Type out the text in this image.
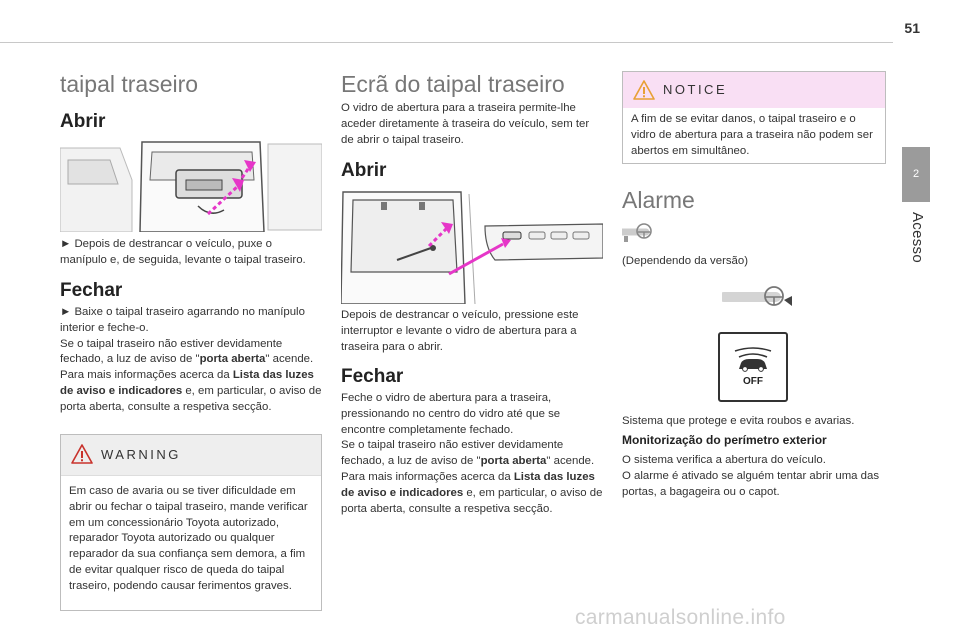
51
2
Acesso
taipal traseiro
Abrir
► Depois de destrancar o veículo, puxe o manípulo e, de seguida, levante o taipal traseiro.
Fechar
► Baixe o taipal traseiro agarrando no manípulo interior e feche-o.
Se o taipal traseiro não estiver devidamente fechado, a luz de aviso de "porta aberta" acende. Para mais informações acerca da Lista das luzes de aviso e indicadores e, em particular, o aviso de porta aberta, consulte a respetiva secção.
WARNING
Em caso de avaria ou se tiver dificuldade em abrir ou fechar o taipal traseiro, mande verificar em um concessionário Toyota autorizado, reparador Toyota autorizado ou qualquer reparador da sua confiança sem demora, a fim de evitar qualquer risco de queda do taipal traseiro, podendo causar ferimentos graves.
Ecrã do taipal traseiro
O vidro de abertura para a traseira permite-lhe aceder diretamente à traseira do veículo, sem ter de abrir o taipal traseiro.
Abrir
Depois de destrancar o veículo, pressione este interruptor e levante o vidro de abertura para a traseira para o abrir.
Fechar
Feche o vidro de abertura para a traseira, pressionando no centro do vidro até que se encontre completamente fechado.
Se o taipal traseiro não estiver devidamente fechado, a luz de aviso de "porta aberta" acende. Para mais informações acerca da Lista das luzes de aviso e indicadores e, em particular, o aviso de porta aberta, consulte a respetiva secção.
NOTICE
A fim de se evitar danos, o taipal traseiro e o vidro de abertura para a traseira não podem ser abertos em simultâneo.
Alarme
(Dependendo da versão)
OFF
Sistema que protege e evita roubos e avarias.
Monitorização do perímetro exterior
O sistema verifica a abertura do veículo.
O alarme é ativado se alguém tentar abrir uma das portas, a bagageira ou o capot.
carmanualsonline.info
